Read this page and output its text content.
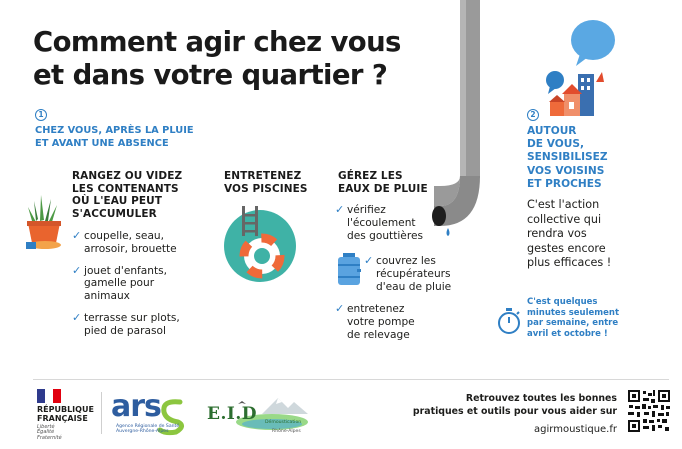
Comment agir chez vous
et dans votre quartier ?
1
CHEZ VOUS, APRÈS LA PLUIE
ET AVANT UNE ABSENCE
RANGEZ OU VIDEZ
LES CONTENANTS
OÙ L'EAU PEUT
S'ACCUMULER
✓ coupelle, seau,
arrosoir, brouette
✓ jouet d'enfants,
gamelle pour
animaux
✓ terrasse sur plots,
pied de parasol
ENTRETENEZ
VOS PISCINES
GÉREZ LES
EAUX DE PLUIE
✓ vérifiez
l'écoulement
des gouttières
✓ couvrez les
récupérateurs
d'eau de pluie
✓ entretenez
votre pompe
de relevage
2
AUTOUR
DE VOUS,
SENSIBILISEZ
VOS VOISINS
ET PROCHES
C'est l'action
collective qui
rendra vos
gestes encore
plus efficaces !
C'est quelques
minutes seulement
par semaine, entre
avril et octobre !
RÉPUBLIQUE
FRANÇAISE
Liberté
Égalité
Fraternité
ars
Agence Régionale de Santé
Auvergne-Rhône-Alpes
E.I.D Démoustication
Rhône-Alpes
Retrouvez toutes les bonnes
pratiques et outils pour vous aider sur
agirmoustique.fr
